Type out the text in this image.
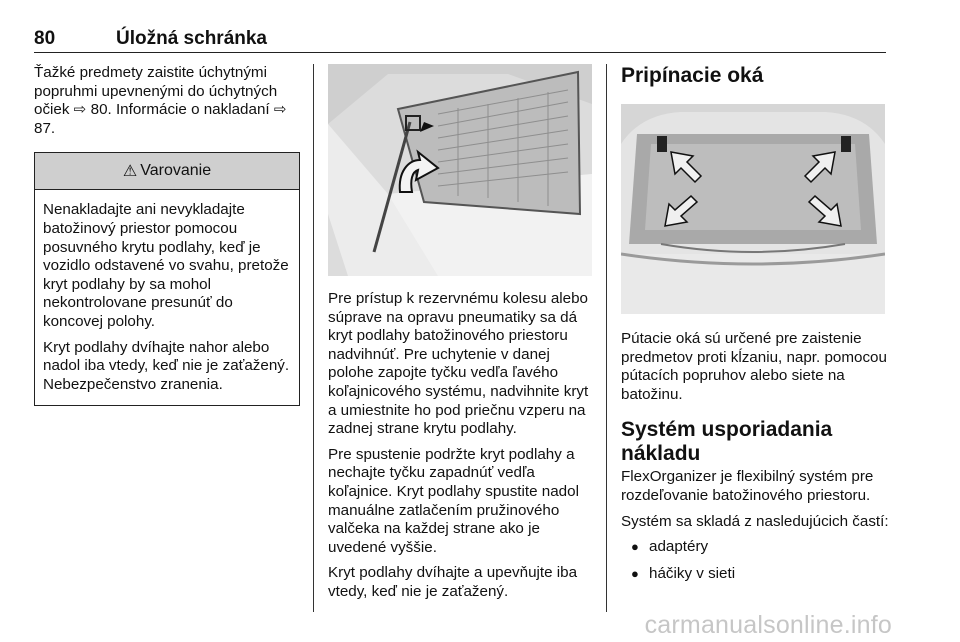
80	Úložná schránka

Ťažké predmety zaistite úchytnými popruhmi upevnenými do úchytných očiek ⇨ 80. Informácie o nakladaní ⇨ 87.

⚠ Varovanie

Nenakladajte ani nevykladajte batožinový priestor pomocou posuvného krytu podlahy, keď je vozidlo odstavené vo svahu, pretože kryt podlahy by sa mohol nekontrolovane presunúť do koncovej polohy.

Kryt podlahy dvíhajte nahor alebo nadol iba vtedy, keď nie je zaťažený. Nebezpečenstvo zranenia.

Pre prístup k rezervnému kolesu alebo súprave na opravu pneumatiky sa dá kryt podlahy batožinového priestoru nadvihnúť. Pre uchytenie v danej polohe zapojte tyčku vedľa ľavého koľajnicového systému, nadvihnite kryt a umiestnite ho pod priečnu vzperu na zadnej strane krytu podlahy.

Pre spustenie podržte kryt podlahy a nechajte tyčku zapadnúť vedľa koľajnice. Kryt podlahy spustite nadol manuálne zatlačením pružinového valčeka na každej strane ako je uvedené vyššie.

Kryt podlahy dvíhajte a upevňujte iba vtedy, keď nie je zaťažený.

Pripínacie oká

Pútacie oká sú určené pre zaistenie predmetov proti kĺzaniu, napr. pomocou pútacích popruhov alebo siete na batožinu.

Systém usporiadania nákladu

FlexOrganizer je flexibilný systém pre rozdeľovanie batožinového priestoru.

Systém sa skladá z nasledujúcich častí:

● adaptéry
● háčiky v sieti
carmanualsonline.info
